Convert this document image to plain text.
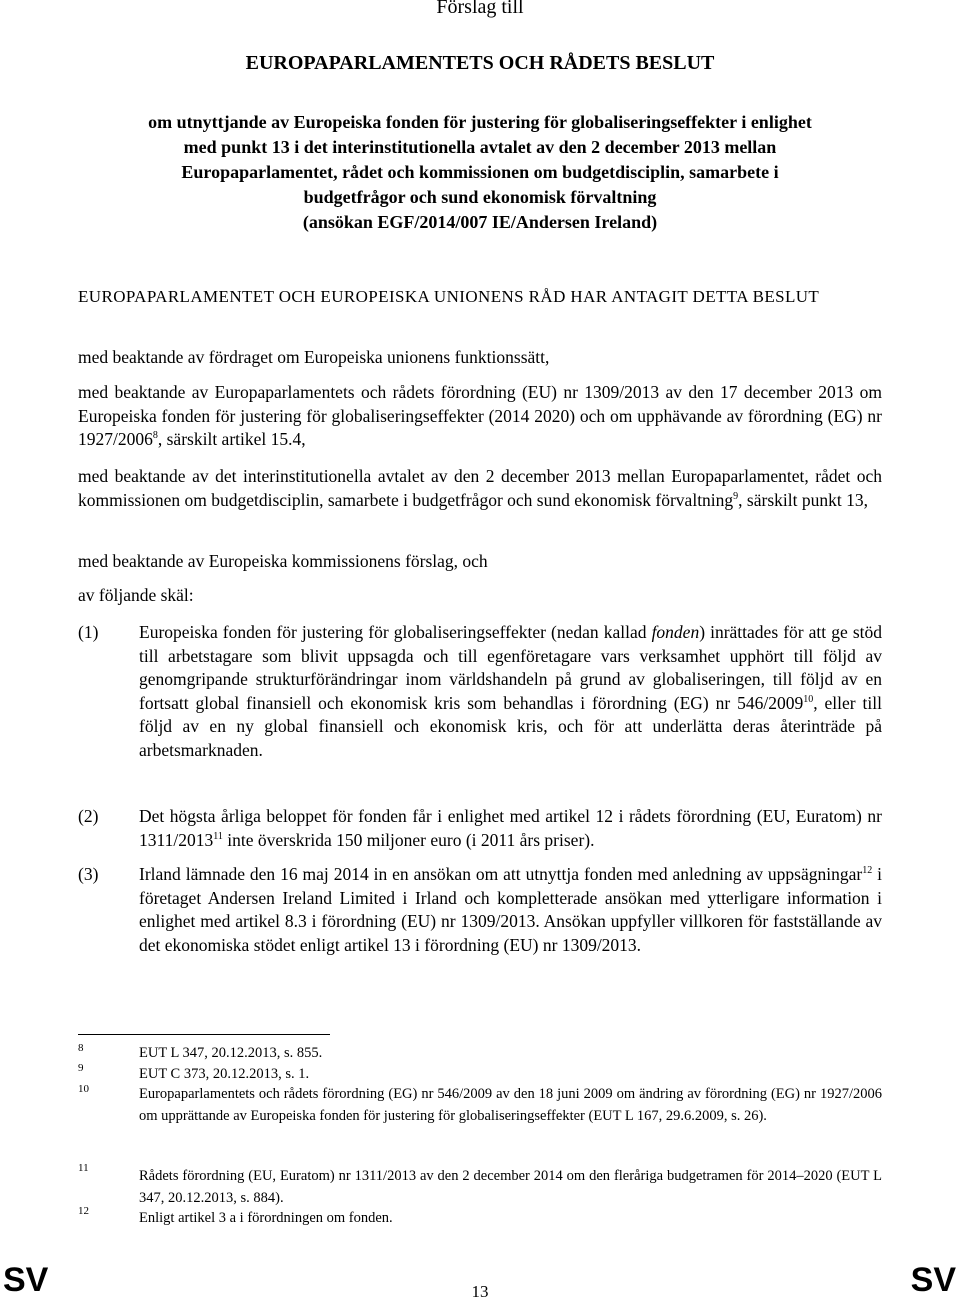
Förslag till
EUROPAPARLAMENTETS OCH RÅDETS BESLUT
om utnyttjande av Europeiska fonden för justering för globaliseringseffekter i enlighet
med punkt 13 i det interinstitutionella avtalet av den 2 december 2013 mellan
Europaparlamentet, rådet och kommissionen om budgetdisciplin, samarbete i
budgetfrågor och sund ekonomisk förvaltning
(ansökan EGF/2014/007 IE/Andersen Ireland)
EUROPAPARLAMENTET OCH EUROPEISKA UNIONENS RÅD HAR ANTAGIT DETTA BESLUT
med beaktande av fördraget om Europeiska unionens funktionssätt,
med beaktande av Europaparlamentets och rådets förordning (EU) nr 1309/2013 av den 17 december 2013 om Europeiska fonden för justering för globaliseringseffekter (2014 2020) och om upphävande av förordning (EG) nr 1927/2006$^8$, särskilt artikel 15.4,
med beaktande av det interinstitutionella avtalet av den 2 december 2013 mellan Europaparlamentet, rådet och kommissionen om budgetdisciplin, samarbete i budgetfrågor och sund ekonomisk förvaltning$^9$, särskilt punkt 13,
med beaktande av Europeiska kommissionens förslag, och
av följande skäl:
(1) Europeiska fonden för justering för globaliseringseffekter (nedan kallad fonden) inrättades för att ge stöd till arbetstagare som blivit uppsagda och till egenföretagare vars verksamhet upphört till följd av genomgripande strukturförändringar inom världshandeln på grund av globaliseringen, till följd av en fortsatt global finansiell och ekonomisk kris som behandlas i förordning (EG) nr 546/2009$^{10}$, eller till följd av en ny global finansiell och ekonomisk kris, och för att underlätta deras återinträde på arbetsmarknaden.
(2) Det högsta årliga beloppet för fonden får i enlighet med artikel 12 i rådets förordning (EU, Euratom) nr 1311/2013$^{11}$ inte överskrida 150 miljoner euro (i 2011 års priser).
(3) Irland lämnade den 16 maj 2014 in en ansökan om att utnyttja fonden med anledning av uppsägningar$^{12}$ i företaget Andersen Ireland Limited i Irland och kompletterade ansökan med ytterligare information i enlighet med artikel 8.3 i förordning (EU) nr 1309/2013. Ansökan uppfyller villkoren för fastställande av det ekonomiska stödet enligt artikel 13 i förordning (EU) nr 1309/2013.
8	EUT L 347, 20.12.2013, s. 855.
9	EUT C 373, 20.12.2013, s. 1.
10	Europaparlamentets och rådets förordning (EG) nr 546/2009 av den 18 juni 2009 om ändring av förordning (EG) nr 1927/2006 om upprättande av Europeiska fonden för justering för globaliseringseffekter (EUT L 167, 29.6.2009, s. 26).
11	Rådets förordning (EU, Euratom) nr 1311/2013 av den 2 december 2014 om den fleråriga budgetramen för 2014–2020 (EUT L 347, 20.12.2013, s. 884).
12	Enligt artikel 3 a i förordningen om fonden.
SV	13	SV
